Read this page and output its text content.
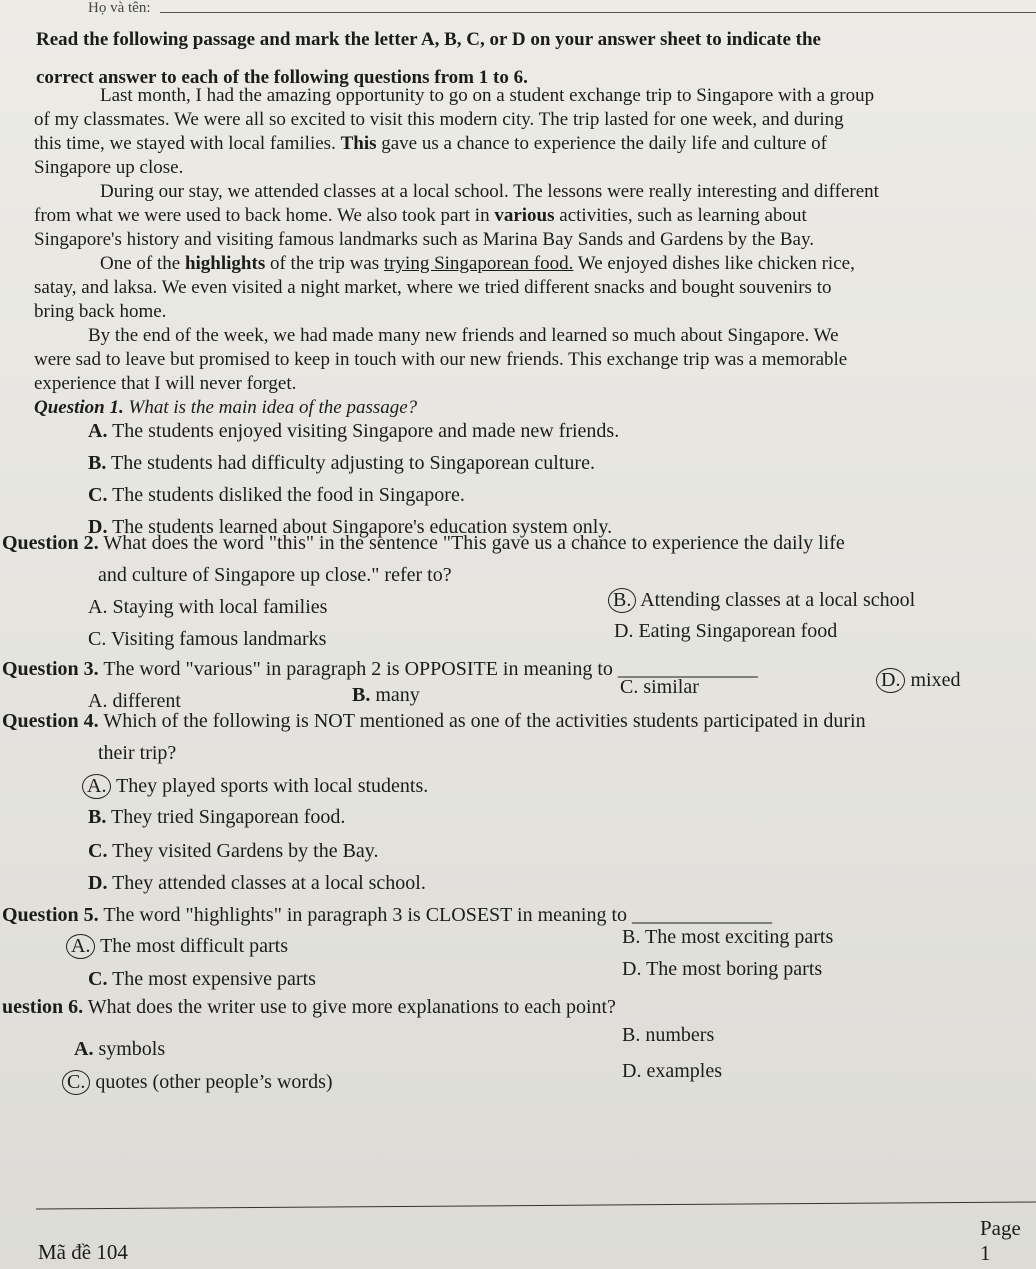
Họ và tên:
Read the following passage and mark the letter A, B, C, or D on your answer sheet to indicate the
correct answer to each of the following questions from 1 to 6.
Last month, I had the amazing opportunity to go on a student exchange trip to Singapore with a group
of my classmates. We were all so excited to visit this modern city. The trip lasted for one week, and during
this time, we stayed with local families. This gave us a chance to experience the daily life and culture of
Singapore up close.
During our stay, we attended classes at a local school. The lessons were really interesting and different
from what we were used to back home. We also took part in various activities, such as learning about
Singapore's history and visiting famous landmarks such as Marina Bay Sands and Gardens by the Bay.
One of the highlights of the trip was trying Singaporean food. We enjoyed dishes like chicken rice,
satay, and laksa. We even visited a night market, where we tried different snacks and bought souvenirs to
bring back home.
By the end of the week, we had made many new friends and learned so much about Singapore. We
were sad to leave but promised to keep in touch with our new friends. This exchange trip was a memorable
experience that I will never forget.
Question 1. What is the main idea of the passage?
A. The students enjoyed visiting Singapore and made new friends.
B. The students had difficulty adjusting to Singaporean culture.
C. The students disliked the food in Singapore.
D. The students learned about Singapore's education system only.
Question 2. What does the word "this" in the sentence "This gave us a chance to experience the daily life
and culture of Singapore up close." refer to?
A. Staying with local families	B. Attending classes at a local school
C. Visiting famous landmarks	D. Eating Singaporean food
Question 3. The word "various" in paragraph 2 is OPPOSITE in meaning to ______________
A. different	B. many	C. similar	D. mixed
Question 4. Which of the following is NOT mentioned as one of the activities students participated in durin
their trip?
A. They played sports with local students.
B. They tried Singaporean food.
C. They visited Gardens by the Bay.
D. They attended classes at a local school.
Question 5. The word "highlights" in paragraph 3 is CLOSEST in meaning to ______________
A. The most difficult parts	B. The most exciting parts
C. The most expensive parts	D. The most boring parts
uestion 6. What does the writer use to give more explanations to each point?
A. symbols
B. numbers
C. quotes (other people’s words)	D. examples
Mã đề 104
Page 1
